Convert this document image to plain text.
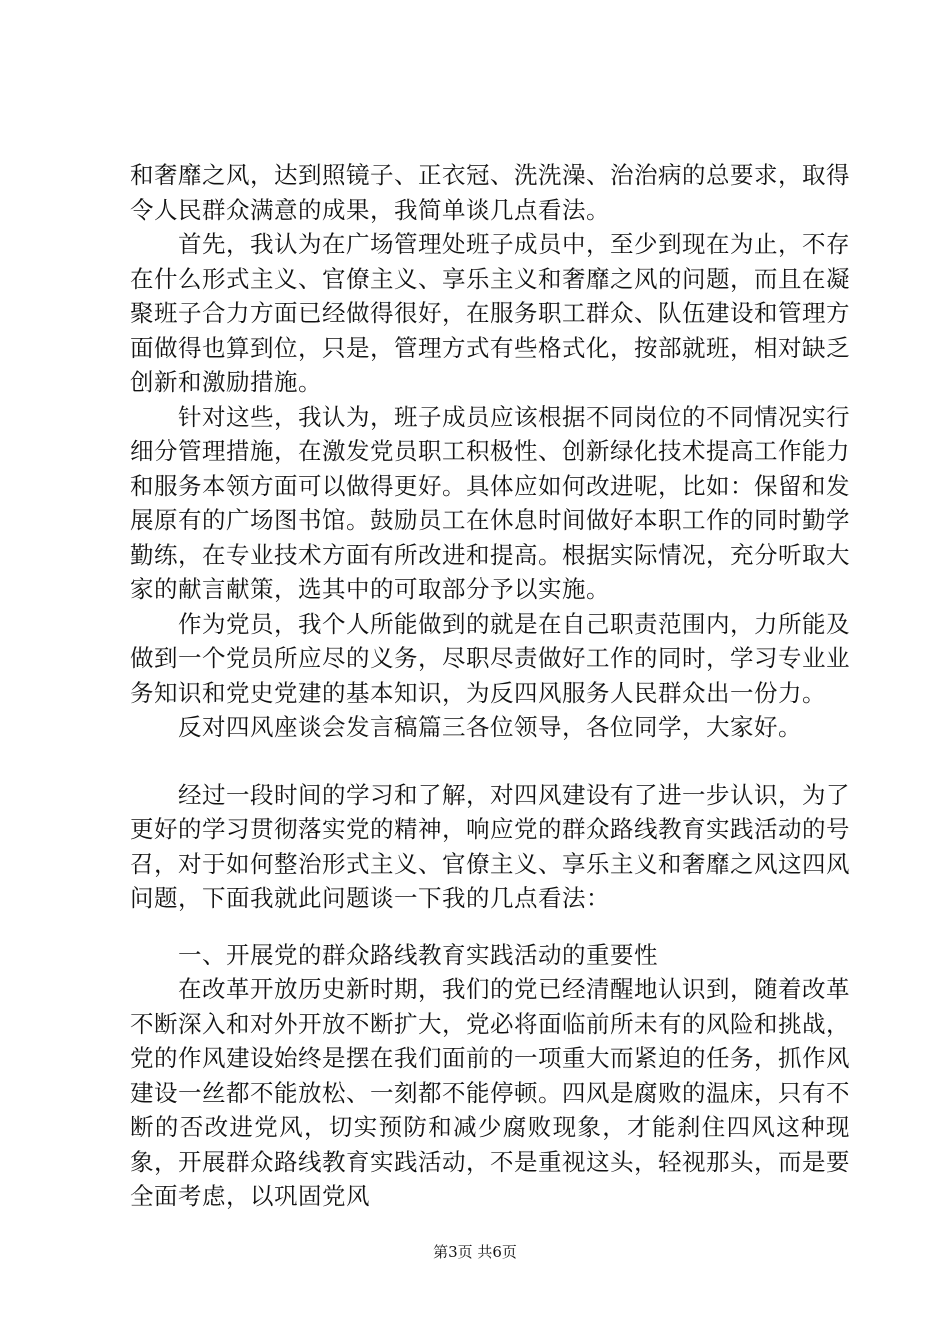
和奢靡之风，达到照镜子、正衣冠、洗洗澡、治治病的总要求，取得令人民群众满意的成果，我简单谈几点看法。

首先，我认为在广场管理处班子成员中，至少到现在为止，不存在什么形式主义、官僚主义、享乐主义和奢靡之风的问题，而且在凝聚班子合力方面已经做得很好，在服务职工群众、队伍建设和管理方面做得也算到位，只是，管理方式有些格式化，按部就班，相对缺乏创新和激励措施。

针对这些，我认为，班子成员应该根据不同岗位的不同情况实行细分管理措施，在激发党员职工积极性、创新绿化技术提高工作能力和服务本领方面可以做得更好。具体应如何改进呢，比如：保留和发展原有的广场图书馆。鼓励员工在休息时间做好本职工作的同时勤学勤练，在专业技术方面有所改进和提高。根据实际情况，充分听取大家的献言献策，选其中的可取部分予以实施。

作为党员，我个人所能做到的就是在自己职责范围内，力所能及做到一个党员所应尽的义务，尽职尽责做好工作的同时，学习专业业务知识和党史党建的基本知识，为反四风服务人民群众出一份力。

反对四风座谈会发言稿篇三各位领导，各位同学，大家好。

经过一段时间的学习和了解，对四风建设有了进一步认识，为了更好的学习贯彻落实党的精神，响应党的群众路线教育实践活动的号召，对于如何整治形式主义、官僚主义、享乐主义和奢靡之风这四风问题，下面我就此问题谈一下我的几点看法：

一、开展党的群众路线教育实践活动的重要性

在改革开放历史新时期，我们的党已经清醒地认识到，随着改革不断深入和对外开放不断扩大，党必将面临前所未有的风险和挑战，党的作风建设始终是摆在我们面前的一项重大而紧迫的任务，抓作风建设一丝都不能放松、一刻都不能停顿。四风是腐败的温床，只有不断的否改进党风，切实预防和减少腐败现象，才能刹住四风这种现象，开展群众路线教育实践活动，不是重视这头，轻视那头，而是要全面考虑，以巩固党风

第3页 共6页
